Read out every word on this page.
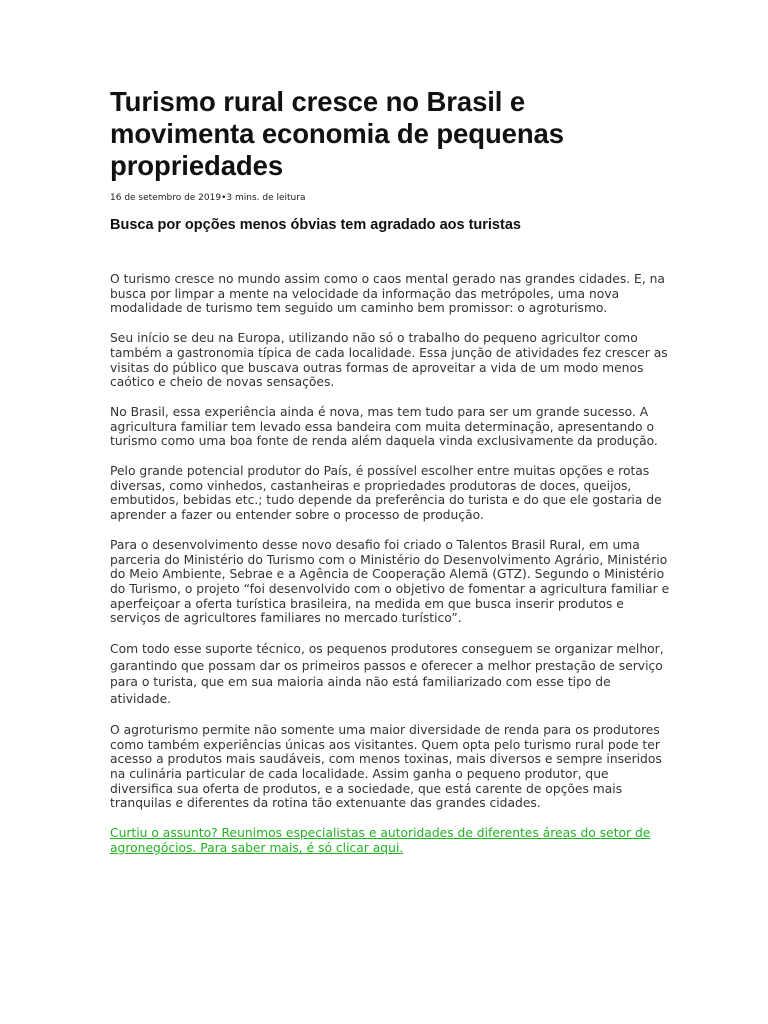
Turismo rural cresce no Brasil e movimenta economia de pequenas propriedades
16 de setembro de 2019•3 mins. de leitura
Busca por opções menos óbvias tem agradado aos turistas

O turismo cresce no mundo assim como o caos mental gerado nas grandes cidades. E, na busca por limpar a mente na velocidade da informação das metrópoles, uma nova modalidade de turismo tem seguido um caminho bem promissor: o agroturismo.

Seu início se deu na Europa, utilizando não só o trabalho do pequeno agricultor como também a gastronomia típica de cada localidade. Essa junção de atividades fez crescer as visitas do público que buscava outras formas de aproveitar a vida de um modo menos caótico e cheio de novas sensações.

No Brasil, essa experiência ainda é nova, mas tem tudo para ser um grande sucesso. A agricultura familiar tem levado essa bandeira com muita determinação, apresentando o turismo como uma boa fonte de renda além daquela vinda exclusivamente da produção.

Pelo grande potencial produtor do País, é possível escolher entre muitas opções e rotas diversas, como vinhedos, castanheiras e propriedades produtoras de doces, queijos, embutidos, bebidas etc.; tudo depende da preferência do turista e do que ele gostaria de aprender a fazer ou entender sobre o processo de produção.

Para o desenvolvimento desse novo desafio foi criado o Talentos Brasil Rural, em uma parceria do Ministério do Turismo com o Ministério do Desenvolvimento Agrário, Ministério do Meio Ambiente, Sebrae e a Agência de Cooperação Alemã (GTZ). Segundo o Ministério do Turismo, o projeto “foi desenvolvido com o objetivo de fomentar a agricultura familiar e aperfeiçoar a oferta turística brasileira, na medida em que busca inserir produtos e serviços de agricultores familiares no mercado turístico”.

Com todo esse suporte técnico, os pequenos produtores conseguem se organizar melhor, garantindo que possam dar os primeiros passos e oferecer a melhor prestação de serviço para o turista, que em sua maioria ainda não está familiarizado com esse tipo de atividade.

O agroturismo permite não somente uma maior diversidade de renda para os produtores como também experiências únicas aos visitantes. Quem opta pelo turismo rural pode ter acesso a produtos mais saudáveis, com menos toxinas, mais diversos e sempre inseridos na culinária particular de cada localidade. Assim ganha o pequeno produtor, que diversifica sua oferta de produtos, e a sociedade, que está carente de opções mais tranquilas e diferentes da rotina tão extenuante das grandes cidades.

Curtiu o assunto? Reunimos especialistas e autoridades de diferentes áreas do setor de agronegócios. Para saber mais, é só clicar aqui.
